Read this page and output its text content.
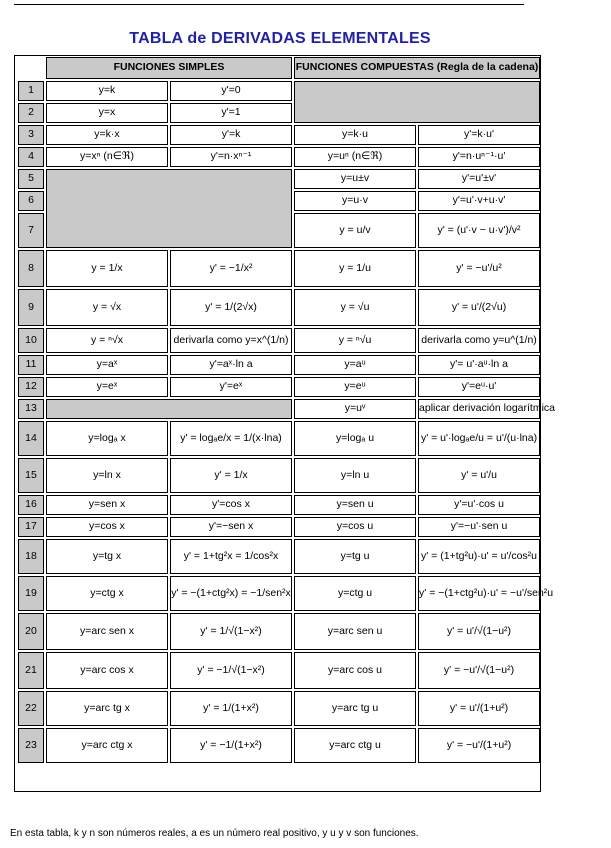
TABLA de DERIVADAS ELEMENTALES
	FUNCIONES SIMPLES		FUNCIONES COMPUESTAS (Regla de la cadena)	
1	y=k	y'=0		
2	y=x	y'=1		
3	y=k·x	y'=k	y=k·u	y'=k·u'
4	y=xⁿ (n∈ℜ)	y'=n·xⁿ⁻¹	y=uⁿ (n∈ℜ)	y'=n·uⁿ⁻¹·u'
5			y=u±v	y'=u'±v'
6			y=u·v	y'=u'·v+u·v'
7			y = u/v	y' = (u'·v − u·v')/v²
8	y = 1/x	y' = −1/x²	y = 1/u	y' = −u'/u²
9	y = √x	y' = 1/(2√x)	y = √u	y' = u'/(2√u)
10	y = ⁿ√x	derivarla como y=x^(1/n)	y = ⁿ√u	derivarla como y=u^(1/n)
11	y=aˣ	y'=aˣ·ln a	y=aᵘ	y'= u'·aᵘ·ln a
12	y=eˣ	y'=eˣ	y=eᵘ	y'=eᵘ·u'
13			y=uᵛ	aplicar derivación logarítmica
14	y=logₐ x	y' = logₐe/x = 1/(x·lna)	y=logₐ u	y' = u'·logₐe/u = u'/(u·lna)
15	y=ln x	y' = 1/x	y=ln u	y' = u'/u
16	y=sen x	y'=cos x	y=sen u	y'=u'·cos u
17	y=cos x	y'=−sen x	y=cos u	y'=−u'·sen u
18	y=tg x	y' = 1+tg²x = 1/cos²x	y=tg u	y' = (1+tg²u)·u' = u'/cos²u
19	y=ctg x	y' = −(1+ctg²x) = −1/sen²x	y=ctg u	y' = −(1+ctg²u)·u' = −u'/sen²u
20	y=arc sen x	y' = 1/√(1−x²)	y=arc sen u	y' = u'/√(1−u²)
21	y=arc cos x	y' = −1/√(1−x²)	y=arc cos u	y' = −u'/√(1−u²)
22	y=arc tg x	y' = 1/(1+x²)	y=arc tg u	y' = u'/(1+u²)
23	y=arc ctg x	y' = −1/(1+x²)	y=arc ctg u	y' = −u'/(1+u²)
En esta tabla, k y n son números reales, a es un número real positivo, y u y v son funciones.
